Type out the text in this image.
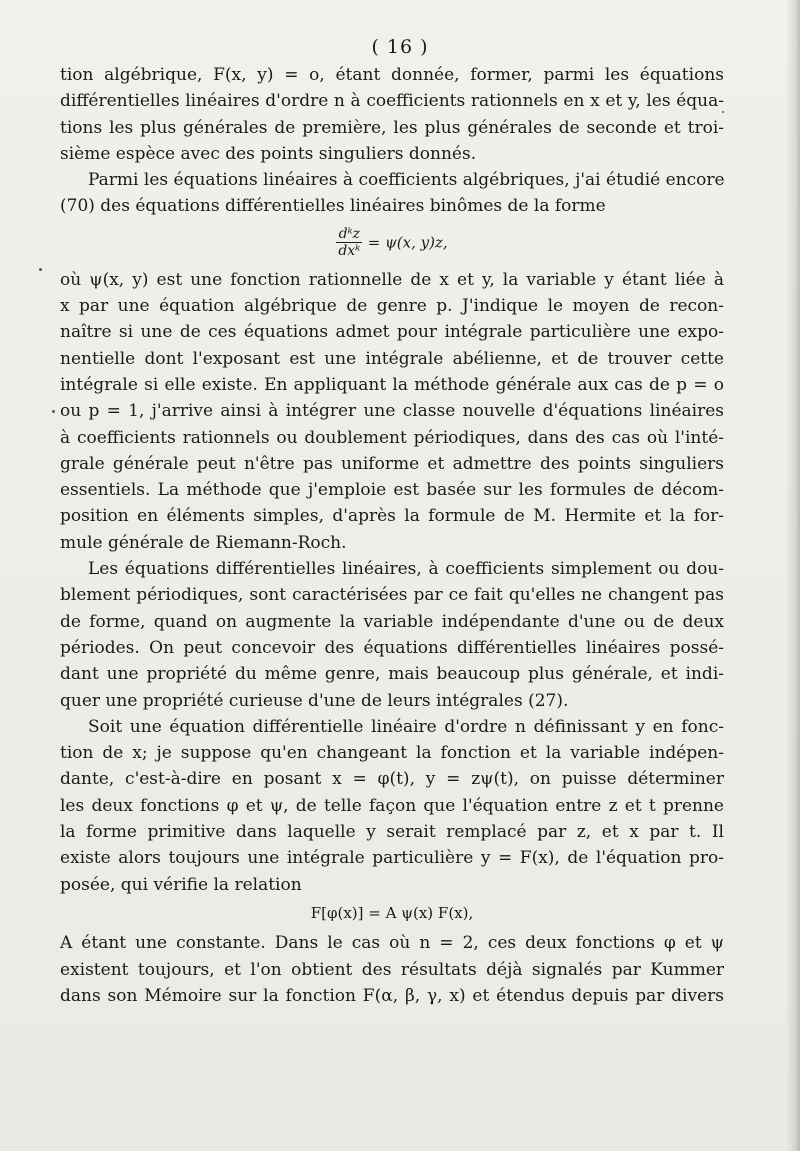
( 16 )
tion algébrique, F(x, y) = o, étant donnée, former, parmi les équations
différentielles linéaires d'ordre n à coefficients rationnels en x et y, les équa-
tions les plus générales de première, les plus générales de seconde et troi-
sième espèce avec des points singuliers donnés.
Parmi les équations linéaires à coefficients algébriques, j'ai étudié encore
(70) des équations différentielles linéaires binômes de la forme
$\frac{\text{dᵏz}}{\text{dxᵏ}} = \psi(x$, y)z,
où ψ(x, y) est une fonction rationnelle de x et y, la variable y étant liée à
x par une équation algébrique de genre p. J'indique le moyen de recon-
naître si une de ces équations admet pour intégrale particulière une expo-
nentielle dont l'exposant est une intégrale abélienne, et de trouver cette
intégrale si elle existe. En appliquant la méthode générale aux cas de p = o
ou p = 1, j'arrive ainsi à intégrer une classe nouvelle d'équations linéaires
à coefficients rationnels ou doublement périodiques, dans des cas où l'inté-
grale générale peut n'être pas uniforme et admettre des points singuliers
essentiels. La méthode que j'emploie est basée sur les formules de décom-
position en éléments simples, d'après la formule de M. Hermite et la for-
mule générale de Riemann-Roch.
Les équations différentielles linéaires, à coefficients simplement ou dou-
blement périodiques, sont caractérisées par ce fait qu'elles ne changent pas
de forme, quand on augmente la variable indépendante d'une ou de deux
périodes. On peut concevoir des équations différentielles linéaires possé-
dant une propriété du même genre, mais beaucoup plus générale, et indi-
quer une propriété curieuse d'une de leurs intégrales (27).
Soit une équation différentielle linéaire d'ordre n définissant y en fonc-
tion de x; je suppose qu'en changeant la fonction et la variable indépen-
dante, c'est-à-dire en posant x = φ(t), y = zψ(t), on puisse déterminer
les deux fonctions φ et ψ, de telle façon que l'équation entre z et t prenne
la forme primitive dans laquelle y serait remplacé par z, et x par t. Il
existe alors toujours une intégrale particulière y = F(x), de l'équation pro-
posée, qui vérifie la relation
F[φ(x)] = A ψ(x) F(x),
A étant une constante. Dans le cas où n = 2, ces deux fonctions φ et ψ
existent toujours, et l'on obtient des résultats déjà signalés par Kummer
dans son Mémoire sur la fonction F(α, β, γ, x) et étendus depuis par divers
